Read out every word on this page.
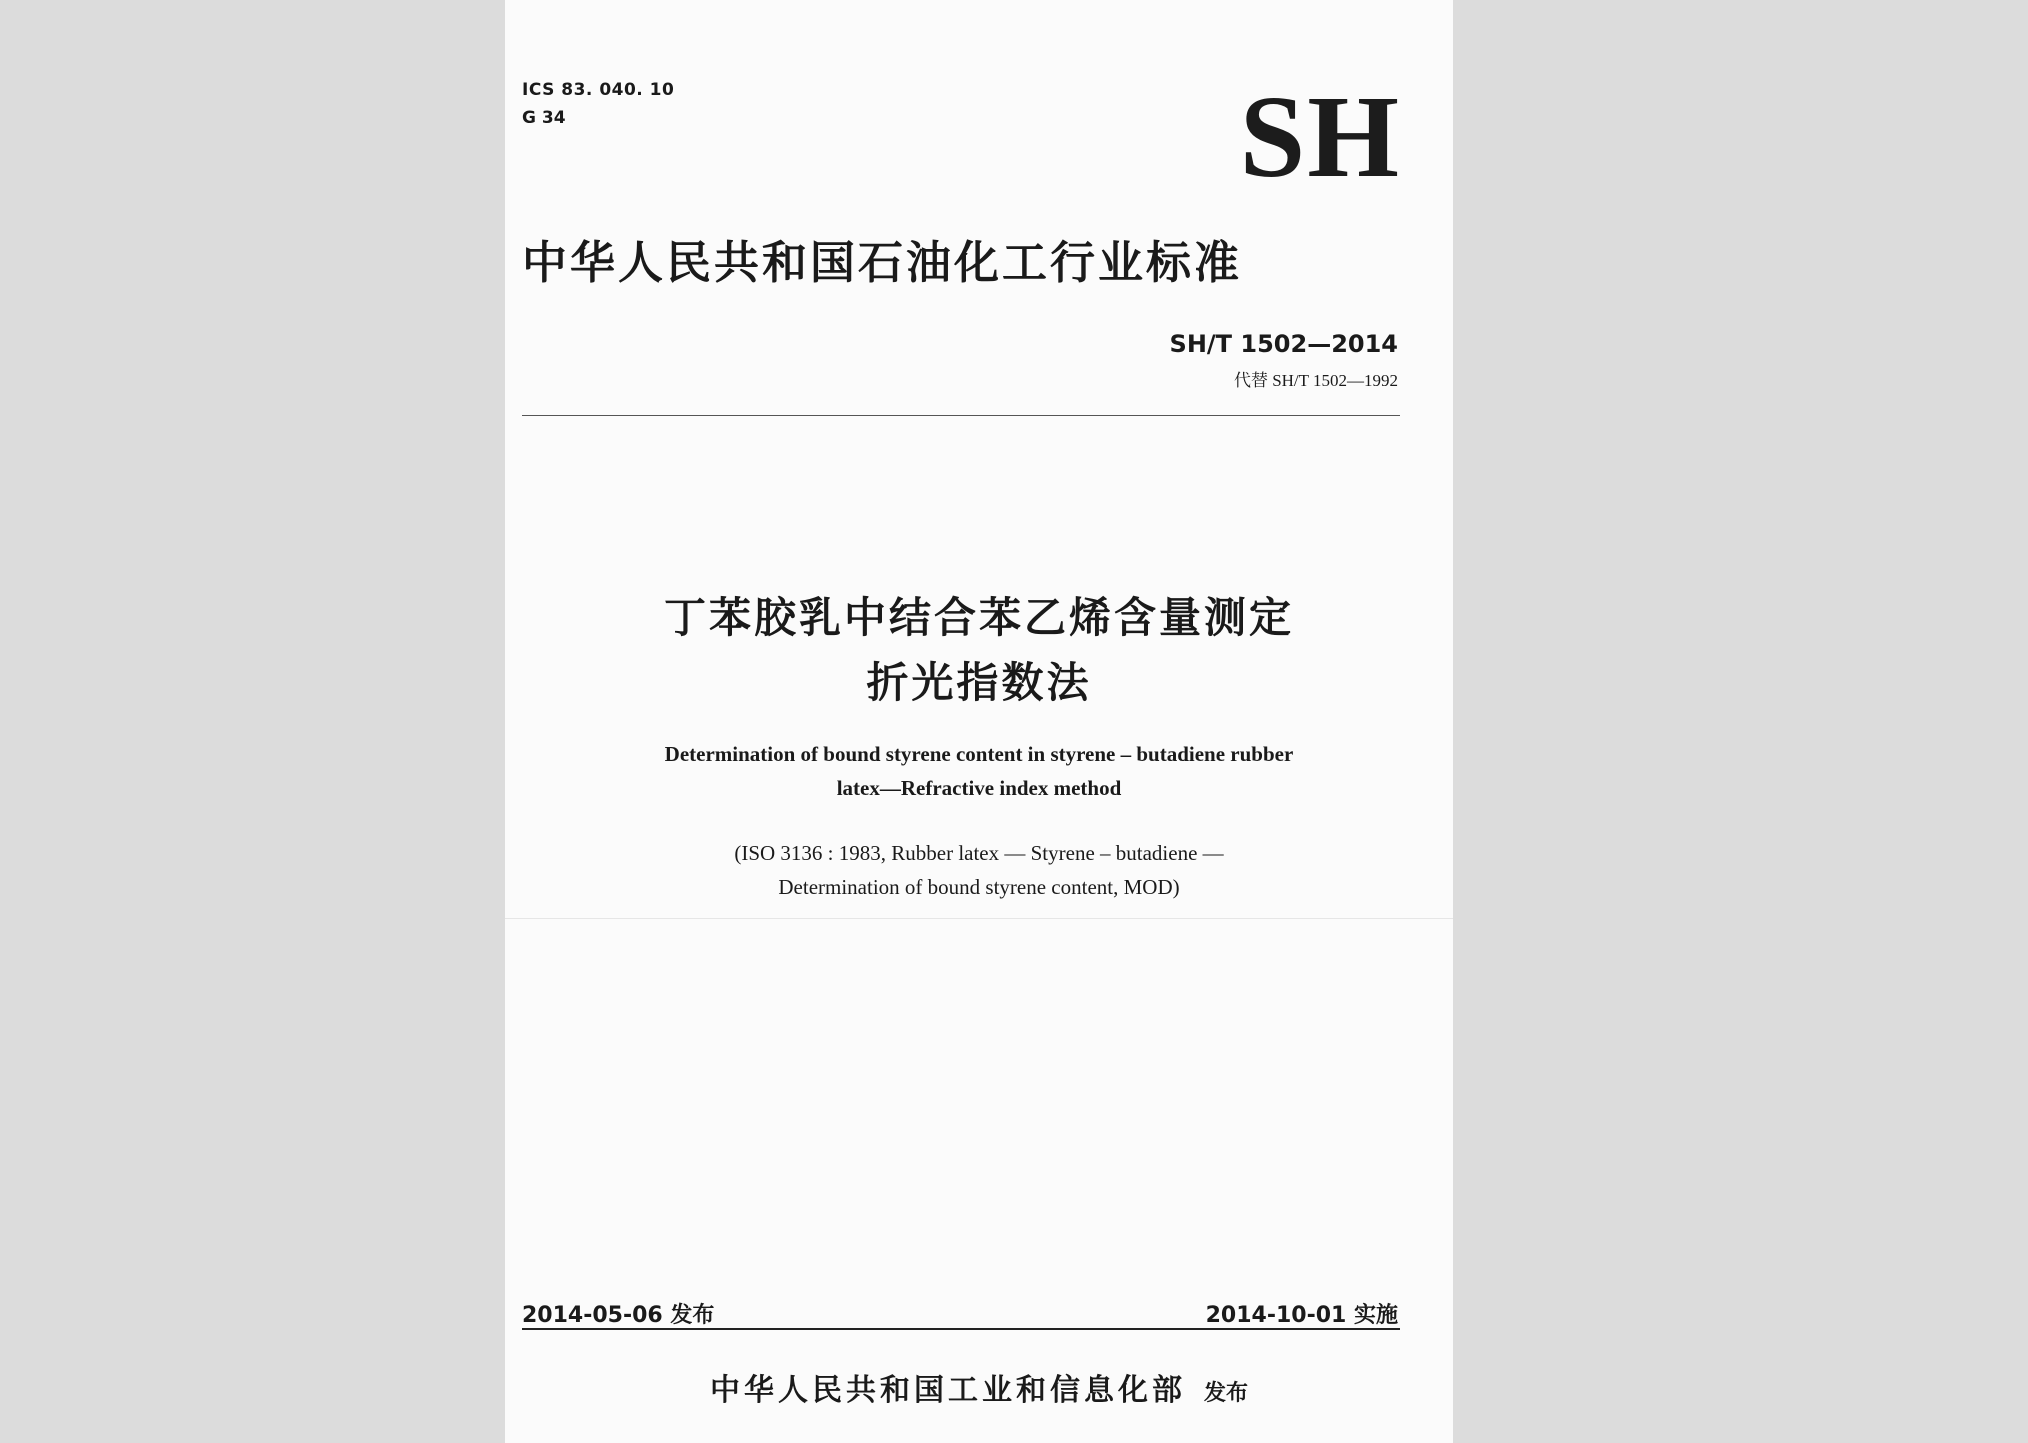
ICS 83. 040. 10
G 34	SH
中华人民共和国石油化工行业标准
SH/T 1502—2014
代替 SH/T 1502—1992
丁苯胶乳中结合苯乙烯含量测定
折光指数法
Determination of bound styrene content in styrene – butadiene rubber
latex—Refractive index method
(ISO 3136 : 1983, Rubber latex — Styrene – butadiene —
Determination of bound styrene content, MOD)
2014-05-06 发布	2014-10-01 实施
中华人民共和国工业和信息化部 发布
